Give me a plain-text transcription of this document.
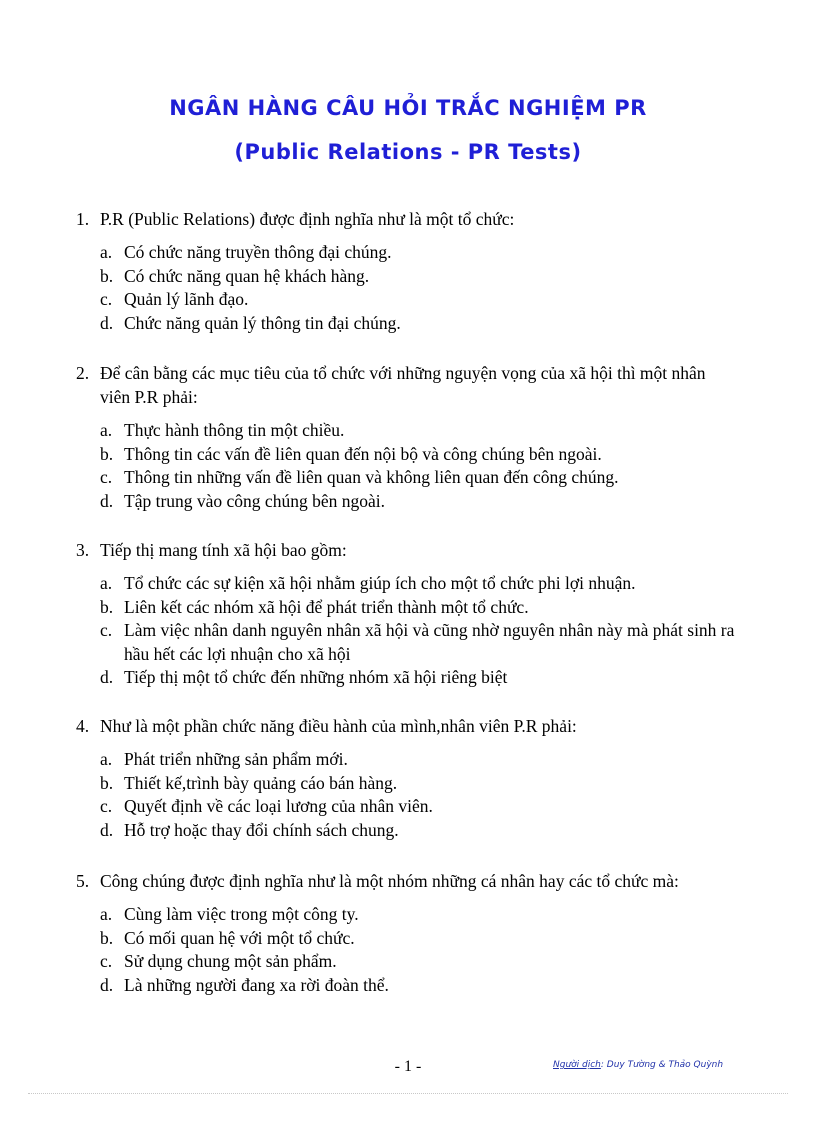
NGÂN HÀNG CÂU HỎI TRẮC NGHIỆM PR
(Public Relations - PR Tests)
1. P.R (Public Relations) được định nghĩa như là một tổ chức:
a. Có chức năng truyền thông đại chúng.
b. Có chức năng quan hệ khách hàng.
c. Quản lý lãnh đạo.
d. Chức năng quản lý thông tin đại chúng.
2. Để cân bằng các mục tiêu của tổ chức với những nguyện vọng của xã hội thì một nhân viên P.R phải:
a. Thực hành thông tin một chiều.
b. Thông tin các vấn đề liên quan đến nội bộ và công chúng bên ngoài.
c. Thông tin những vấn đề liên quan và không liên quan đến công chúng.
d. Tập trung vào công chúng bên ngoài.
3. Tiếp thị mang tính xã hội bao gồm:
a. Tổ chức các sự kiện xã hội nhằm giúp ích cho một tổ chức phi lợi nhuận.
b. Liên kết các nhóm xã hội để phát triển thành một tổ chức.
c. Làm việc nhân danh nguyên nhân xã hội và cũng nhờ nguyên nhân này mà phát sinh ra hầu hết các lợi nhuận cho xã hội
d. Tiếp thị một tổ chức đến những nhóm xã hội riêng biệt
4. Như là một phần chức năng điều hành của mình,nhân viên P.R phải:
a. Phát triển những sản phẩm mới.
b. Thiết kế,trình bày quảng cáo bán hàng.
c. Quyết định về các loại lương của nhân viên.
d. Hỗ trợ hoặc thay đổi chính sách chung.
5. Công chúng được định nghĩa như là một nhóm những cá nhân hay các tổ chức mà:
a. Cùng làm việc trong một công ty.
b. Có mối quan hệ với một tổ chức.
c. Sử dụng chung một sản phẩm.
d. Là những người đang xa rời đoàn thể.
- 1 -	Người dịch: Duy Tường & Thảo Quỳnh
